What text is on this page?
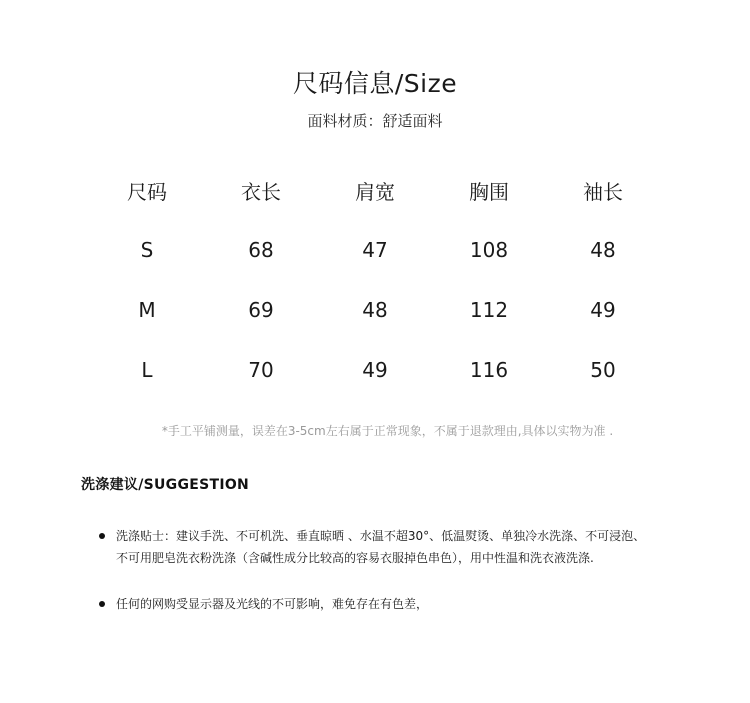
尺码信息/Size
面料材质：舒适面料
尺码	衣长	肩宽	胸围	袖长
S	68	47	108	48
M	69	48	112	49
L	70	49	116	50
*手工平铺测量，误差在3-5cm左右属于正常现象，不属于退款理由,具体以实物为准 .
洗涤建议/SUGGESTION
洗涤贴士：建议手洗、不可机洗、垂直晾晒 、水温不超30°、低温熨烫、单独冷水洗涤、不可浸泡、
不可用肥皂洗衣粉洗涤（含碱性成分比较高的容易衣服掉色串色），用中性温和洗衣液洗涤.
任何的网购受显示器及光线的不可影响，难免存在有色差，
